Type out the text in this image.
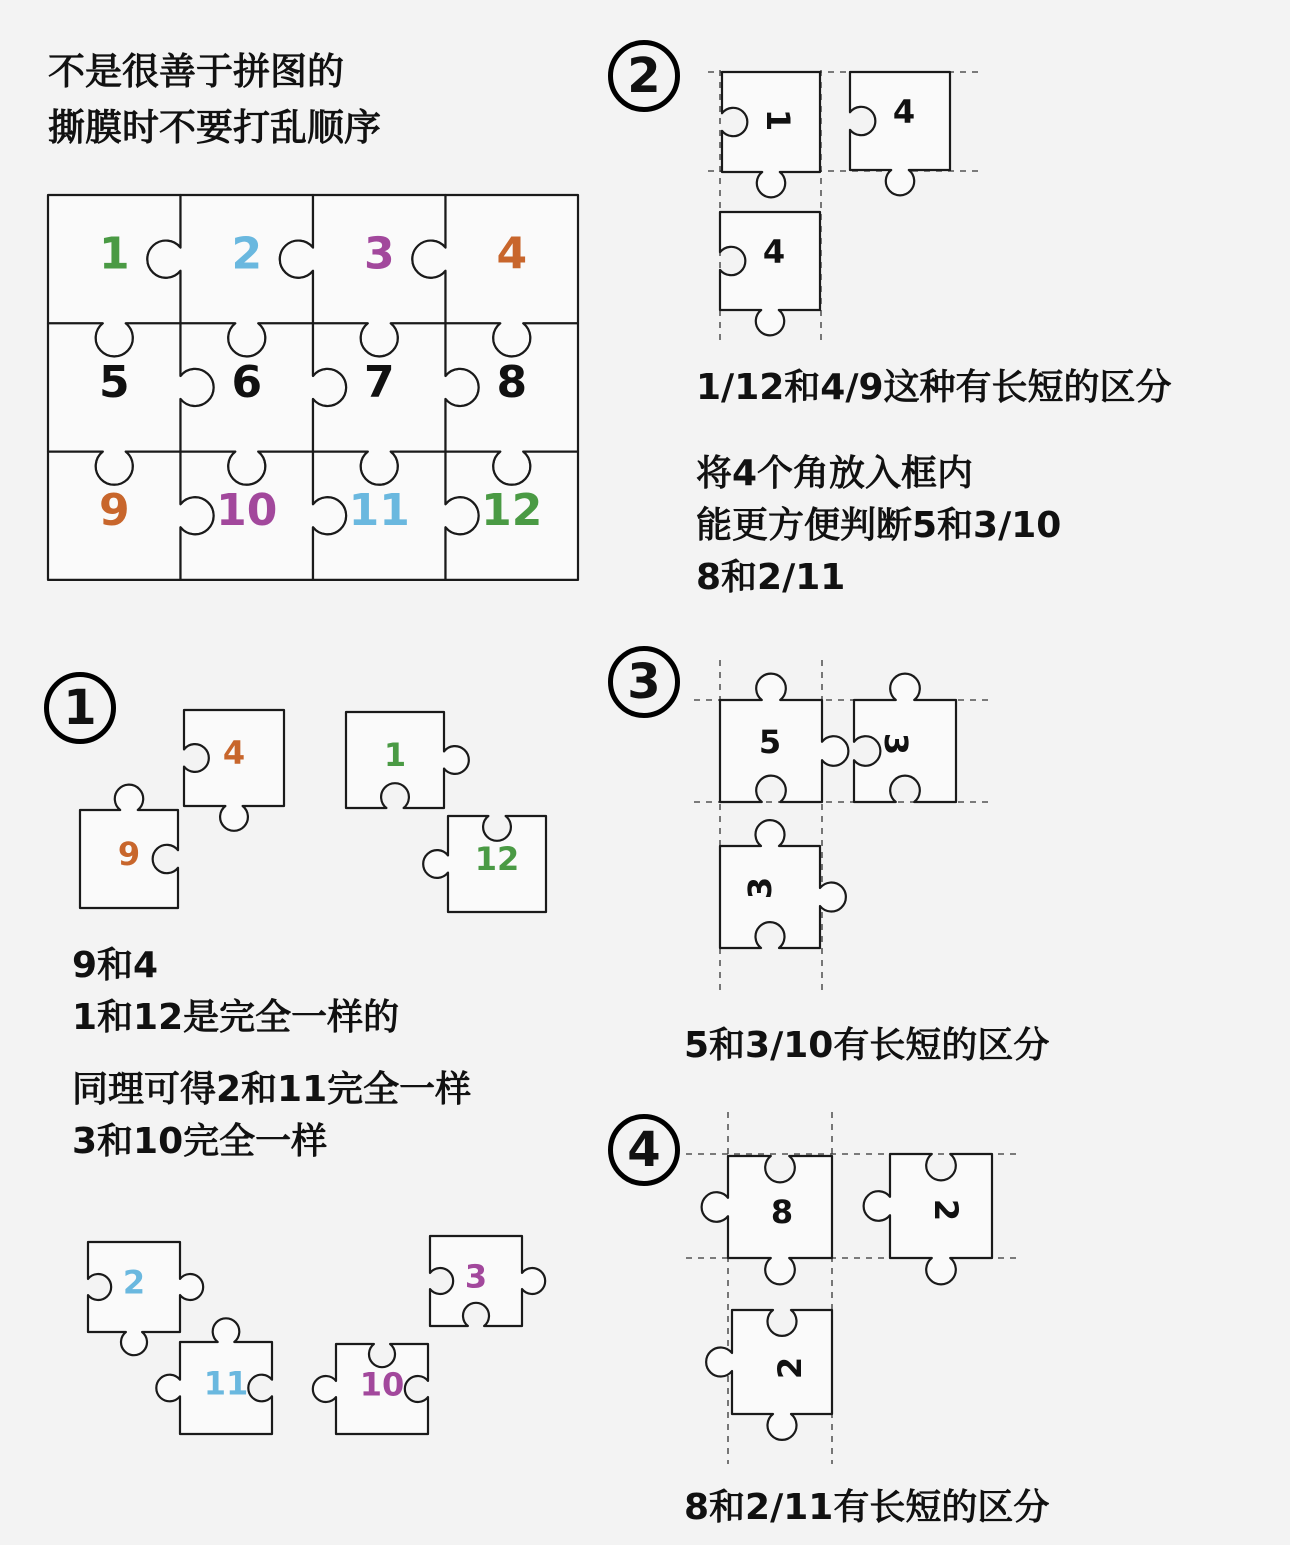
不是很善于拼图的
撕膜时不要打乱顺序
1
2
3
4
9和4
1和12是完全一样的
同理可得2和11完全一样
3和10完全一样
1/12和4/9这种有长短的区分
将4个角放入框内
能更方便判断5和3/10
8和2/11
5和3/10有长短的区分
8和2/11有长短的区分
1 2 3 4
5 6 7 8
9 10 11 12
4
9
1
12
2
11
3
10
1	4
4
5	3
3
8	2
2
